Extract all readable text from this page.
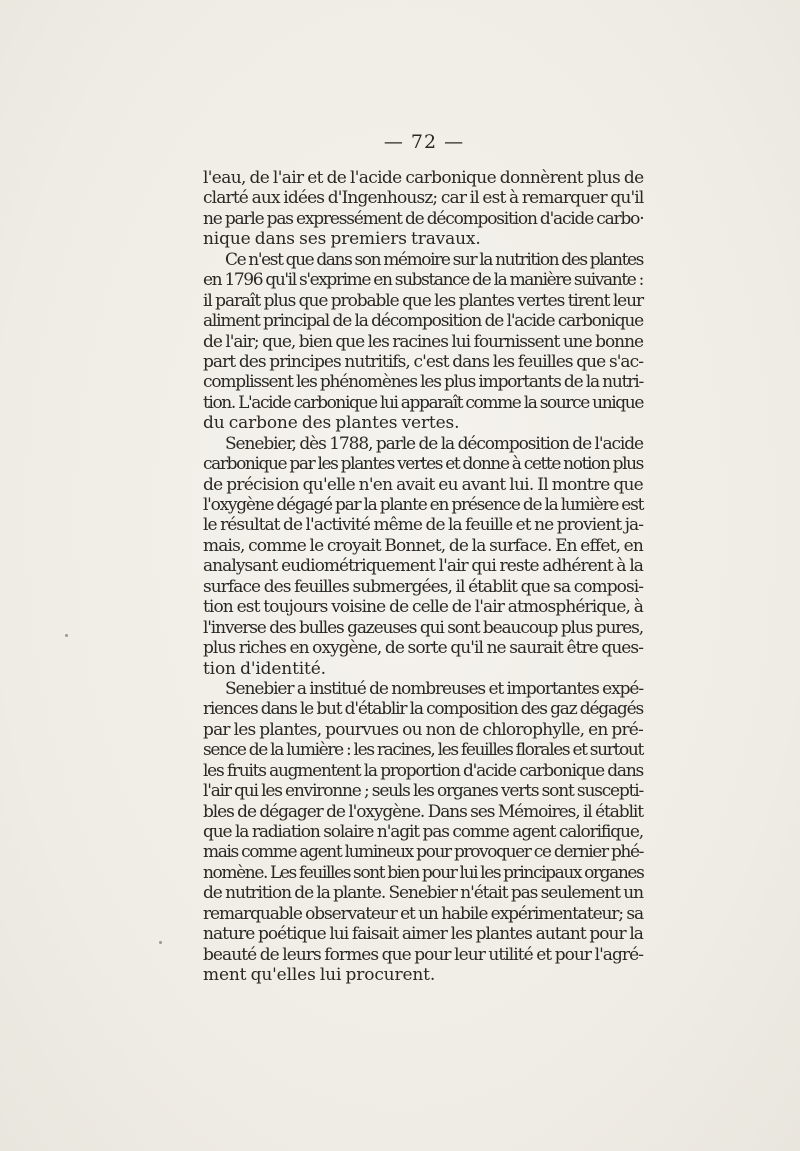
— 72 —
l'eau, de l'air et de l'acide carbonique donnèrent plus de
clarté aux idées d'Ingenhousz; car il est à remarquer qu'il
ne parle pas expressément de décomposition d'acide carbo·
nique dans ses premiers travaux.
Ce n'est que dans son mémoire sur la nutrition des plantes
en 1796 qu'il s'exprime en substance de la manière suivante :
il paraît plus que probable que les plantes vertes tirent leur
aliment principal de la décomposition de l'acide carbonique
de l'air; que, bien que les racines lui fournissent une bonne
part des principes nutritifs, c'est dans les feuilles que s'ac-
complissent les phénomènes les plus importants de la nutri-
tion. L'acide carbonique lui apparaît comme la source unique
du carbone des plantes vertes.
Senebier, dès 1788, parle de la décomposition de l'acide
carbonique par les plantes vertes et donne à cette notion plus
de précision qu'elle n'en avait eu avant lui. Il montre que
l'oxygène dégagé par la plante en présence de la lumière est
le résultat de l'activité même de la feuille et ne provient ja-
mais, comme le croyait Bonnet, de la surface. En effet, en
analysant eudiométriquement l'air qui reste adhérent à la
surface des feuilles submergées, il établit que sa composi-
tion est toujours voisine de celle de l'air atmosphérique, à
l'inverse des bulles gazeuses qui sont beaucoup plus pures,
plus riches en oxygène, de sorte qu'il ne saurait être ques-
tion d'identité.
Senebier a institué de nombreuses et importantes expé-
riences dans le but d'établir la composition des gaz dégagés
par les plantes, pourvues ou non de chlorophylle, en pré-
sence de la lumière : les racines, les feuilles florales et surtout
les fruits augmentent la proportion d'acide carbonique dans
l'air qui les environne ; seuls les organes verts sont suscepti-
bles de dégager de l'oxygène. Dans ses Mémoires, il établit
que la radiation solaire n'agit pas comme agent calorifique,
mais comme agent lumineux pour provoquer ce dernier phé-
nomène. Les feuilles sont bien pour lui les principaux organes
de nutrition de la plante. Senebier n'était pas seulement un
remarquable observateur et un habile expérimentateur; sa
nature poétique lui faisait aimer les plantes autant pour la
beauté de leurs formes que pour leur utilité et pour l'agré-
ment qu'elles lui procurent.
